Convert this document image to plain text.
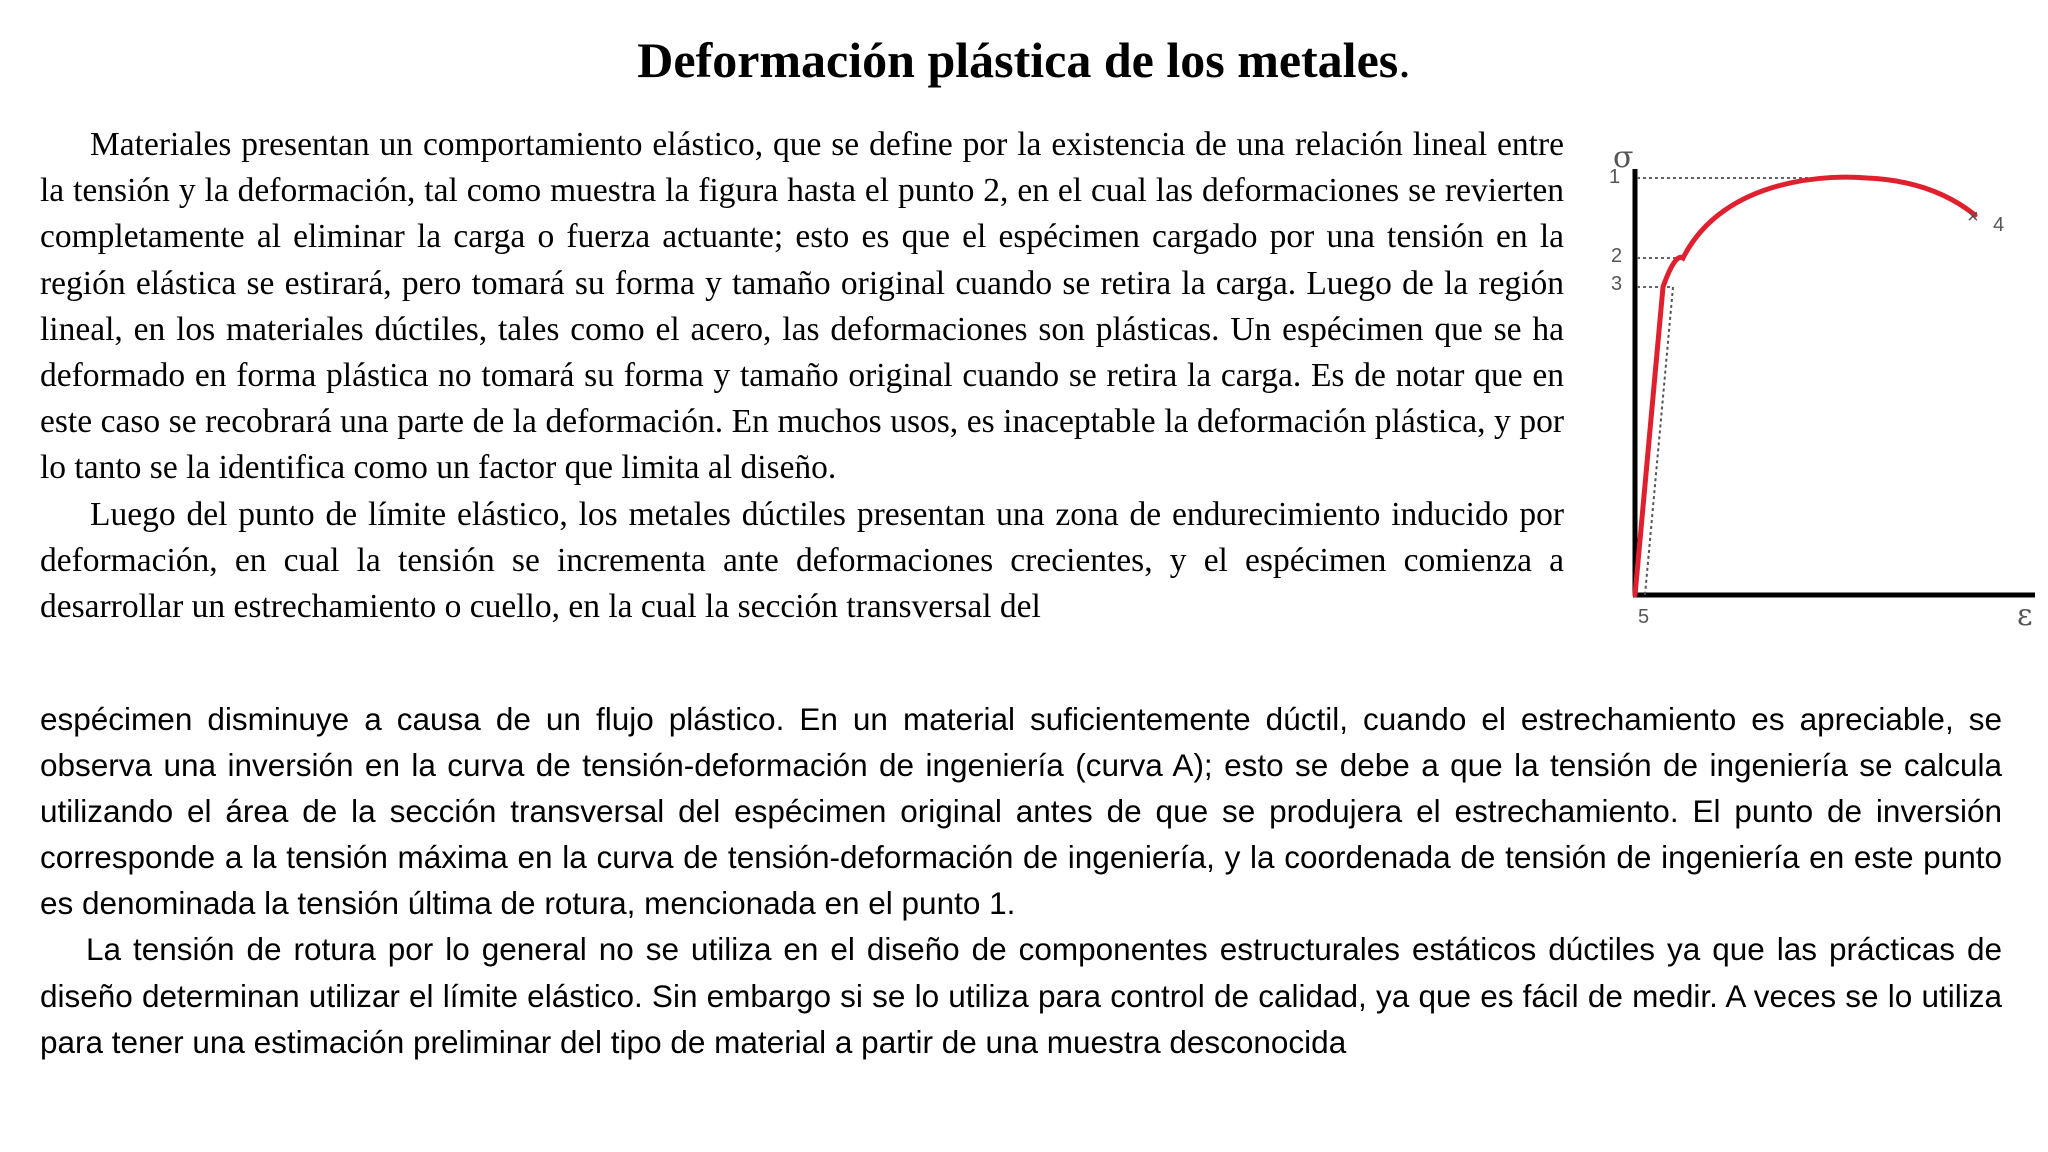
Deformación plástica de los metales.

Materiales presentan un comportamiento elástico, que se define por la existencia de una relación lineal entre la tensión y la deformación, tal como muestra la figura hasta el punto 2, en el cual las deformaciones se revierten completamente al eliminar la carga o fuerza actuante; esto es que el espécimen cargado por una tensión en la región elástica se estirará, pero tomará su forma y tamaño original cuando se retira la carga. Luego de la región lineal, en los materiales dúctiles, tales como el acero, las deformaciones son plásticas. Un espécimen que se ha deformado en forma plástica no tomará su forma y tamaño original cuando se retira la carga. Es de notar que en este caso se recobrará una parte de la deformación. En muchos usos, es inaceptable la deformación plástica, y por lo tanto se la identifica como un factor que limita al diseño.

Luego del punto de límite elástico, los metales dúctiles presentan una zona de endurecimiento inducido por deformación, en cual la tensión se incrementa ante deformaciones crecientes, y el espécimen comienza a desarrollar un estrechamiento o cuello, en la cual la sección transversal del

×
σ
1
2
3
4
5	ε

espécimen disminuye a causa de un flujo plástico. En un material suficientemente dúctil, cuando el estrechamiento es apreciable, se observa una inversión en la curva de tensión-deformación de ingeniería (curva A); esto se debe a que la tensión de ingeniería se calcula utilizando el área de la sección transversal del espécimen original antes de que se produjera el estrechamiento. El punto de inversión corresponde a la tensión máxima en la curva de tensión-deformación de ingeniería, y la coordenada de tensión de ingeniería en este punto es denominada la tensión última de rotura, mencionada en el punto 1.

La tensión de rotura por lo general no se utiliza en el diseño de componentes estructurales estáticos dúctiles ya que las prácticas de diseño determinan utilizar el límite elástico. Sin embargo si se lo utiliza para control de calidad, ya que es fácil de medir. A veces se lo utiliza para tener una estimación preliminar del tipo de material a partir de una muestra desconocida
